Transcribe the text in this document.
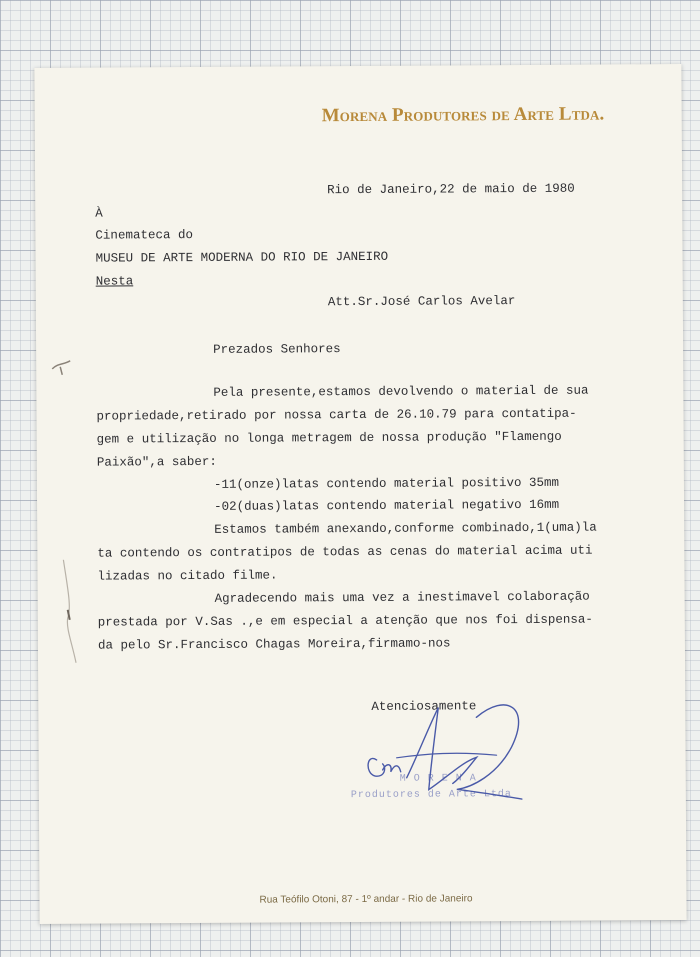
Morena Produtores de Arte Ltda.
Rio de Janeiro,22 de maio de 1980
À
Cinemateca do
MUSEU DE ARTE MODERNA DO RIO DE JANEIRO
Nesta
Att.Sr.José Carlos Avelar
Prezados Senhores
Pela presente,estamos devolvendo o material de sua
propriedade,retirado por nossa carta de 26.10.79 para contatipa-
gem e utilização no longa metragem de nossa produção "Flamengo
Paixão",a saber:
-11(onze)latas contendo material positivo 35mm
-02(duas)latas contendo material negativo 16mm
Estamos também anexando,conforme combinado,1(uma)la
ta contendo os contratipos de todas as cenas do material acima uti
lizadas no citado filme.
Agradecendo mais uma vez a inestimavel colaboração
prestada por V.Sas .,e em especial a atenção que nos foi dispensa-
da pelo Sr.Francisco Chagas Moreira,firmamo-nos
Atenciosamente
M O R E N A
Produtores de Arte Ltda
Rua Teófilo Otoni, 87 - 1º andar - Rio de Janeiro
